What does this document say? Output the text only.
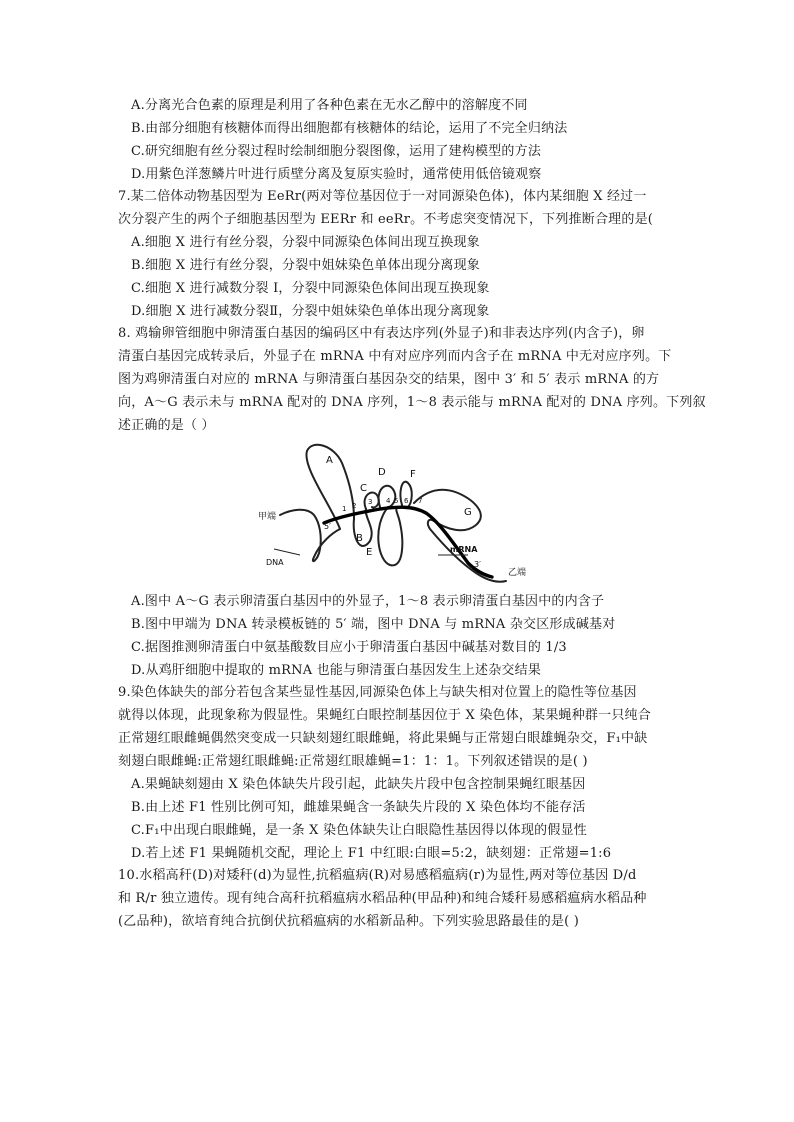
A.分离光合色素的原理是利用了各种色素在无水乙醇中的溶解度不同
B.由部分细胞有核糖体而得出细胞都有核糖体的结论，运用了不完全归纳法
C.研究细胞有丝分裂过程时绘制细胞分裂图像，运用了建构模型的方法
D.用紫色洋葱鳞片叶进行质壁分离及复原实验时，通常使用低倍镜观察
7.某二倍体动物基因型为 EeRr(两对等位基因位于一对同源染色体)，体内某细胞 X 经过一
次分裂产生的两个子细胞基因型为 EERr 和 eeRr。不考虑突变情况下，下列推断合理的是(
A.细胞 X 进行有丝分裂，分裂中同源染色体间出现互换现象
B.细胞 X 进行有丝分裂，分裂中姐妹染色单体出现分离现象
C.细胞 X 进行减数分裂 I，分裂中同源染色体间出现互换现象
D.细胞 X 进行减数分裂Ⅱ，分裂中姐妹染色单体出现分离现象
8. 鸡输卵管细胞中卵清蛋白基因的编码区中有表达序列(外显子)和非表达序列(内含子)，卵
清蛋白基因完成转录后，外显子在 mRNA 中有对应序列而内含子在 mRNA 中无对应序列。下
图为鸡卵清蛋白对应的 mRNA 与卵清蛋白基因杂交的结果，图中 3′ 和 5′ 表示 mRNA 的方
向，A～G 表示未与 mRNA 配对的 DNA 序列，1～8 表示能与 mRNA 配对的 DNA 序列。下列叙
述正确的是（ ）
A
B
C
D
E
F
G
1 2 3 4 5 6 7
甲端
乙端
DNA
mRNA
5′
3′
A.图中 A～G 表示卵清蛋白基因中的外显子，1～8 表示卵清蛋白基因中的内含子
B.图中甲端为 DNA 转录模板链的 5′ 端，图中 DNA 与 mRNA 杂交区形成碱基对
C.据图推测卵清蛋白中氨基酸数目应小于卵清蛋白基因中碱基对数目的 1/3
D.从鸡肝细胞中提取的 mRNA 也能与卵清蛋白基因发生上述杂交结果
9.染色体缺失的部分若包含某些显性基因,同源染色体上与缺失相对位置上的隐性等位基因
就得以体现，此现象称为假显性。果蝇红白眼控制基因位于 X 染色体，某果蝇种群一只纯合
正常翅红眼雌蝇偶然突变成一只缺刻翅红眼雌蝇，将此果蝇与正常翅白眼雄蝇杂交，F₁中缺
刻翅白眼雌蝇:正常翅红眼雌蝇:正常翅红眼雄蝇=1：1：1。下列叙述错误的是( )
A.果蝇缺刻翅由 X 染色体缺失片段引起，此缺失片段中包含控制果蝇红眼基因
B.由上述 F1 性别比例可知，雌雄果蝇含一条缺失片段的 X 染色体均不能存活
C.F₁中出现白眼雌蝇，是一条 X 染色体缺失让白眼隐性基因得以体现的假显性
D.若上述 F1 果蝇随机交配，理论上 F1 中红眼:白眼=5:2，缺刻翅：正常翅=1:6
10.水稻高秆(D)对矮秆(d)为显性,抗稻瘟病(R)对易感稻瘟病(r)为显性,两对等位基因 D/d
和 R/r 独立遗传。现有纯合高秆抗稻瘟病水稻品种(甲品种)和纯合矮秆易感稻瘟病水稻品种
(乙品种)，欲培育纯合抗倒伏抗稻瘟病的水稻新品种。下列实验思路最佳的是( )
